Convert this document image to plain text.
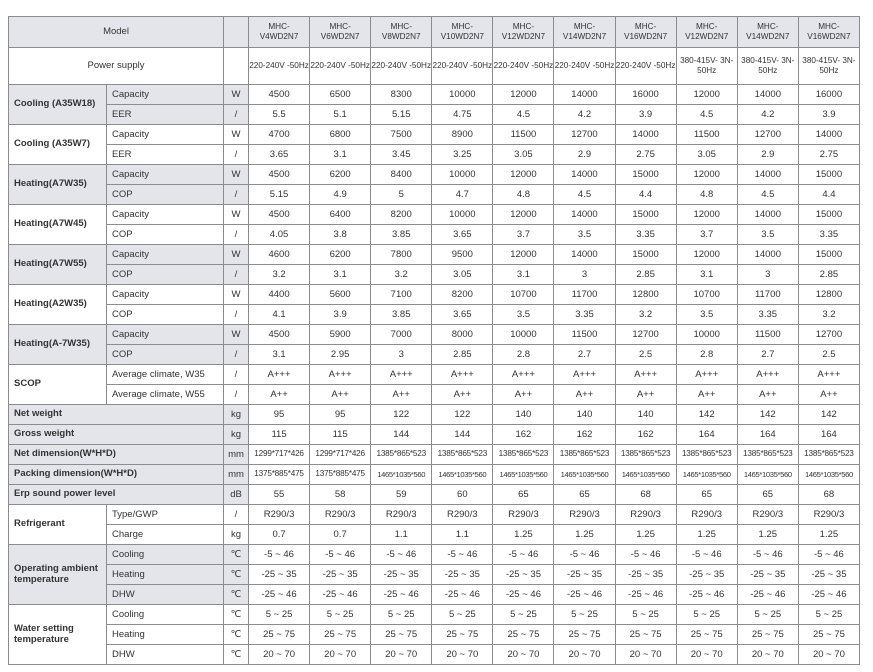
Model			MHC- V4WD2N7	MHC- V6WD2N7	MHC- V8WD2N7	MHC- V10WD2N7	MHC- V12WD2N7	MHC- V14WD2N7	MHC- V16WD2N7	MHC- V12WD2N7	MHC- V14WD2N7	MHC- V16WD2N7
Power supply			220-240V -50Hz	220-240V -50Hz	220-240V -50Hz	220-240V -50Hz	220-240V -50Hz	220-240V -50Hz	220-240V -50Hz	380-415V- 3N-50Hz	380-415V- 3N-50Hz	380-415V- 3N-50Hz
Cooling (A35W18)	Capacity	W	4500	6500	8300	10000	12000	14000	16000	12000	14000	16000
	EER	/	5.5	5.1	5.15	4.75	4.5	4.2	3.9	4.5	4.2	3.9
Cooling (A35W7)	Capacity	W	4700	6800	7500	8900	11500	12700	14000	11500	12700	14000
	EER	/	3.65	3.1	3.45	3.25	3.05	2.9	2.75	3.05	2.9	2.75
Heating(A7W35)	Capacity	W	4500	6200	8400	10000	12000	14000	15000	12000	14000	15000
	COP	/	5.15	4.9	5	4.7	4.8	4.5	4.4	4.8	4.5	4.4
Heating(A7W45)	Capacity	W	4500	6400	8200	10000	12000	14000	15000	12000	14000	15000
	COP	/	4.05	3.8	3.85	3.65	3.7	3.5	3.35	3.7	3.5	3.35
Heating(A7W55)	Capacity	W	4600	6200	7800	9500	12000	14000	15000	12000	14000	15000
	COP	/	3.2	3.1	3.2	3.05	3.1	3	2.85	3.1	3	2.85
Heating(A2W35)	Capacity	W	4400	5600	7100	8200	10700	11700	12800	10700	11700	12800
	COP	/	4.1	3.9	3.85	3.65	3.5	3.35	3.2	3.5	3.35	3.2
Heating(A-7W35)	Capacity	W	4500	5900	7000	8000	10000	11500	12700	10000	11500	12700
	COP	/	3.1	2.95	3	2.85	2.8	2.7	2.5	2.8	2.7	2.5
SCOP	Average climate, W35	/	A+++	A+++	A+++	A+++	A+++	A+++	A+++	A+++	A+++	A+++
	Average climate, W55	/	A++	A++	A++	A++	A++	A++	A++	A++	A++	A++
Net weight		kg	95	95	122	122	140	140	140	142	142	142
Gross weight		kg	115	115	144	144	162	162	162	164	164	164
Net dimension(W*H*D)		mm	1299*717*426	1299*717*426	1385*865*523	1385*865*523	1385*865*523	1385*865*523	1385*865*523	1385*865*523	1385*865*523	1385*865*523
Packing dimension(W*H*D)		mm	1375*885*475	1375*885*475	1465*1035*560	1465*1035*560	1465*1035*560	1465*1035*560	1465*1035*560	1465*1035*560	1465*1035*560	1465*1035*560
Erp sound power level		dB	55	58	59	60	65	65	68	65	65	68
Refrigerant	Type/GWP	/	R290/3	R290/3	R290/3	R290/3	R290/3	R290/3	R290/3	R290/3	R290/3	R290/3
	Charge	kg	0.7	0.7	1.1	1.1	1.25	1.25	1.25	1.25	1.25	1.25
Operating ambient temperature	Cooling	℃	-5 ~ 46	-5 ~ 46	-5 ~ 46	-5 ~ 46	-5 ~ 46	-5 ~ 46	-5 ~ 46	-5 ~ 46	-5 ~ 46	-5 ~ 46
	Heating	℃	-25 ~ 35	-25 ~ 35	-25 ~ 35	-25 ~ 35	-25 ~ 35	-25 ~ 35	-25 ~ 35	-25 ~ 35	-25 ~ 35	-25 ~ 35
	DHW	℃	-25 ~ 46	-25 ~ 46	-25 ~ 46	-25 ~ 46	-25 ~ 46	-25 ~ 46	-25 ~ 46	-25 ~ 46	-25 ~ 46	-25 ~ 46
Water setting temperature	Cooling	℃	5 ~ 25	5 ~ 25	5 ~ 25	5 ~ 25	5 ~ 25	5 ~ 25	5 ~ 25	5 ~ 25	5 ~ 25	5 ~ 25
	Heating	℃	25 ~ 75	25 ~ 75	25 ~ 75	25 ~ 75	25 ~ 75	25 ~ 75	25 ~ 75	25 ~ 75	25 ~ 75	25 ~ 75
	DHW	℃	20 ~ 70	20 ~ 70	20 ~ 70	20 ~ 70	20 ~ 70	20 ~ 70	20 ~ 70	20 ~ 70	20 ~ 70	20 ~ 70
